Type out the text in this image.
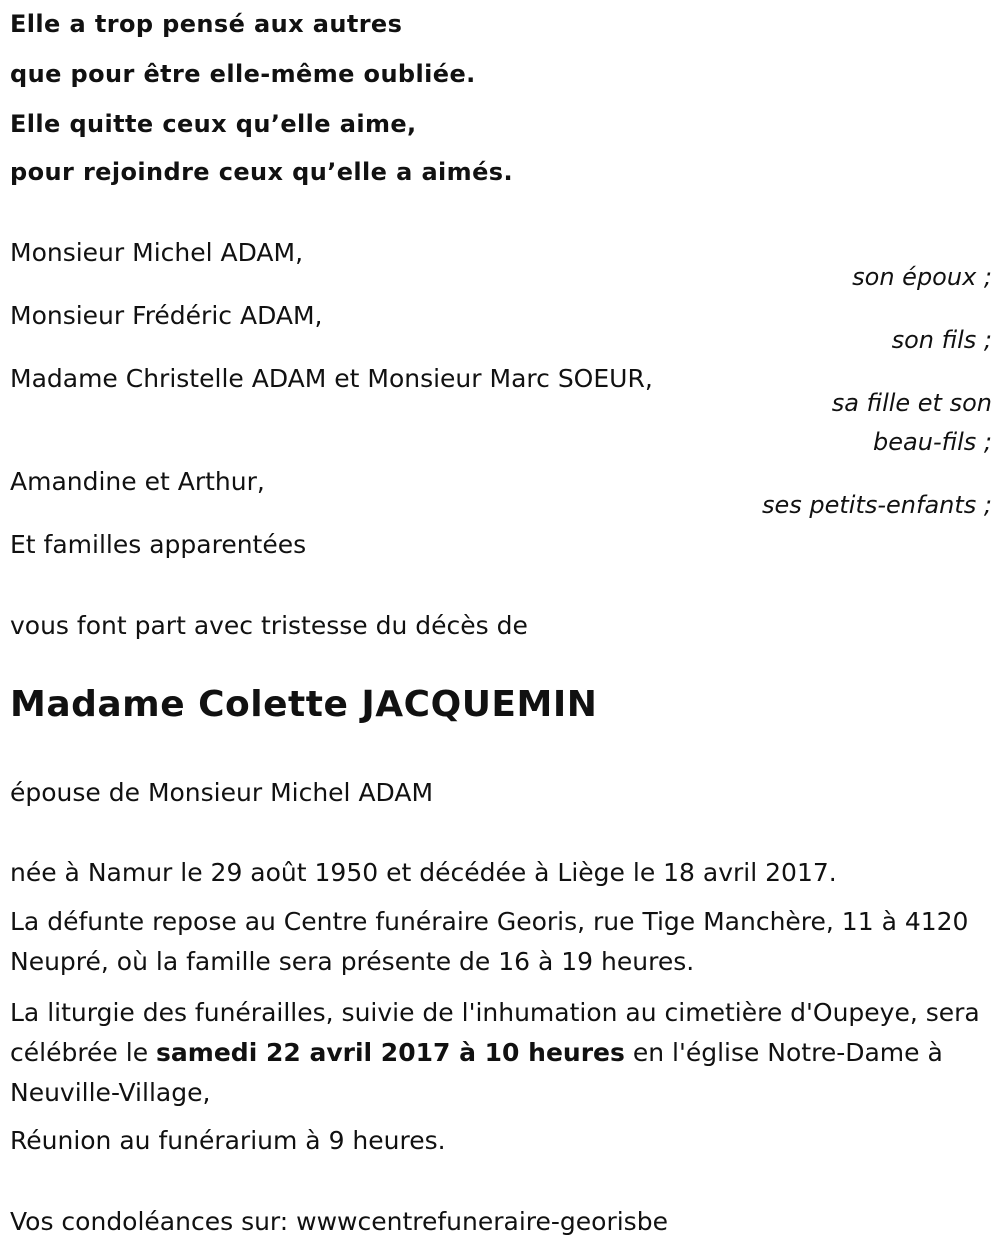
Elle a trop pensé aux autres
que pour être elle-même oubliée.
Elle quitte ceux qu’elle aime,
pour rejoindre ceux qu’elle a aimés.
Monsieur Michel ADAM,
son époux ;
Monsieur Frédéric ADAM,
son fils ;
Madame Christelle ADAM et Monsieur Marc SOEUR,
sa fille et son
beau-fils ;
Amandine et Arthur,
ses petits-enfants ;
Et familles apparentées
vous font part avec tristesse du décès de
Madame Colette JACQUEMIN
épouse de Monsieur Michel ADAM
née à Namur le 29 août 1950 et décédée à Liège le 18 avril 2017.
La défunte repose au Centre funéraire Georis, rue Tige Manchère, 11 à 4120 Neupré, où la famille sera présente de 16 à 19 heures.
La liturgie des funérailles, suivie de l'inhumation au cimetière d'Oupeye, sera célébrée le samedi 22 avril 2017 à 10 heures en l'église Notre-Dame à Neuville-Village,
Réunion au funérarium à 9 heures.
Vos condoléances sur: wwwcentrefuneraire-georisbe
